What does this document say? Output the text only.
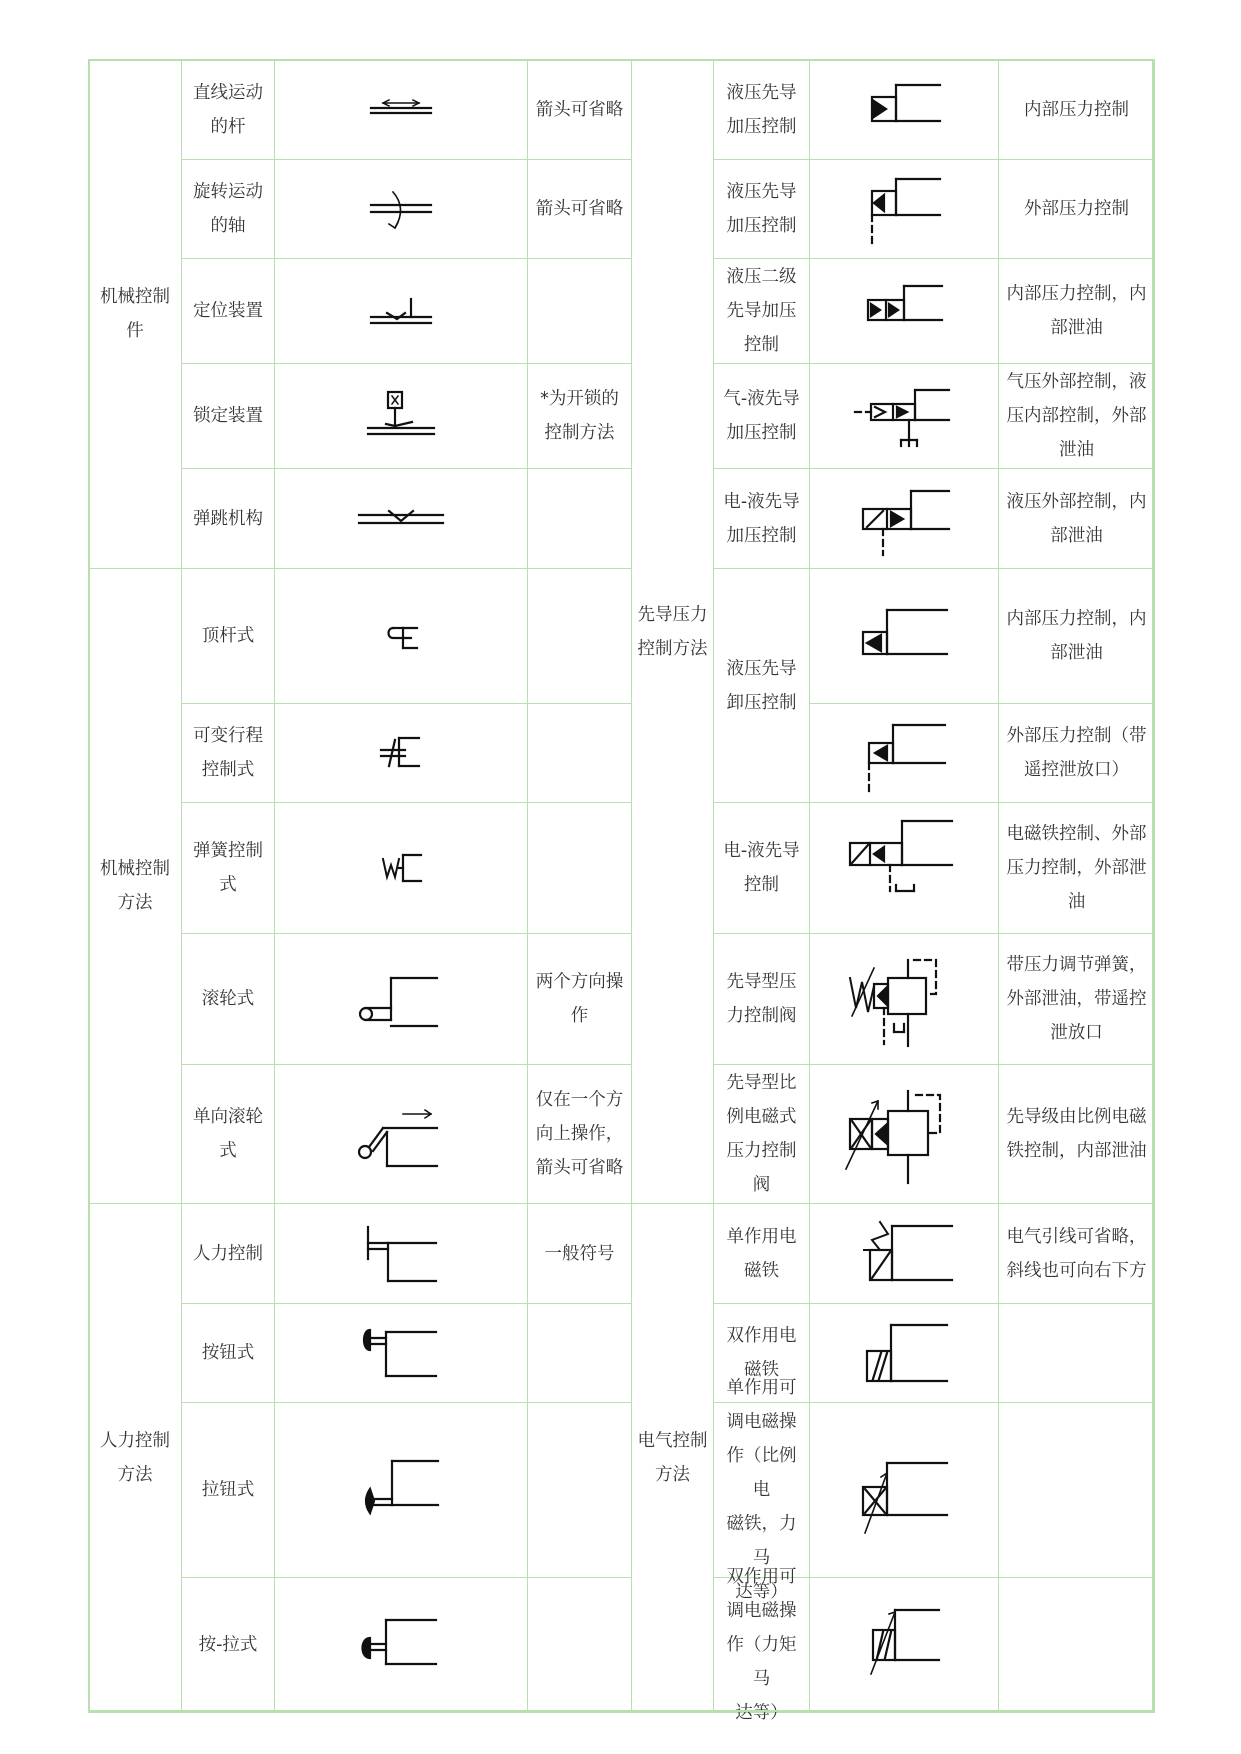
机械控制
件
机械控制
方法
人力控制
方法
直线运动
的杆
箭头可省略
旋转运动
的轴
箭头可省略
定位装置
锁定装置
*为开锁的
控制方法
弹跳机构
顶杆式
可变行程
控制式
弹簧控制
式
滚轮式
两个方向操
作
单向滚轮
式
仅在一个方
向上操作，
箭头可省略
人力控制	一般符号
按钮式
拉钮式
按-拉式
先导压力
控制方法
电气控制
方法
液压先导
加压控制
液压先导
加压控制
液压二级
先导加压
控制
气-液先导
加压控制
电-液先导
加压控制
液压先导
卸压控制
电-液先导
控制
先导型压
力控制阀
先导型比
例电磁式
压力控制
阀
单作用电
磁铁
双作用电
磁铁
单作用可
调电磁操
作（比例电
磁铁，力马
达等）
双作用可
调电磁操
作（力矩马
达等）
内部压力控制
外部压力控制
内部压力控制，内
部泄油
气压外部控制，液
压内部控制，外部
泄油
液压外部控制，内
部泄油
内部压力控制，内
部泄油
外部压力控制（带
遥控泄放口）
电磁铁控制、外部
压力控制，外部泄
油
带压力调节弹簧，
外部泄油，带遥控
泄放口
先导级由比例电磁
铁控制，内部泄油
电气引线可省略，
斜线也可向右下方
